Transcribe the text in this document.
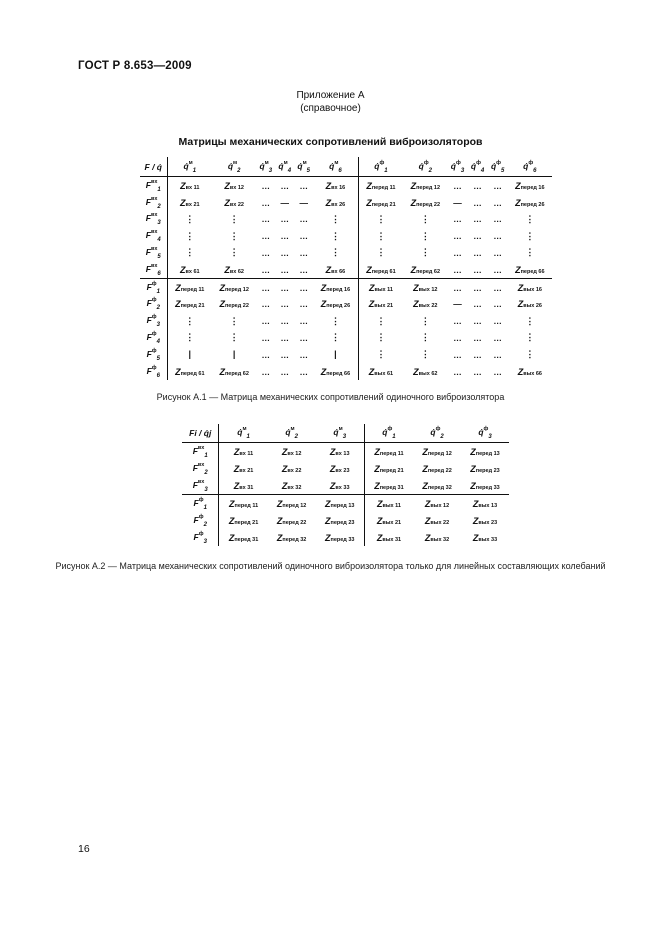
ГОСТ Р 8.653—2009
Приложение А
(справочное)
Матрицы механических сопротивлений виброизоляторов
F / q̇	q̇$^м_1$	q̇$^м_2$	q̇$^м_3$	q̇$^м_4$	q̇$^м_5$	q̇$^м_6$	q̇$^ф_1$	q̇$^ф_2$	q̇$^ф_3$	q̇$^ф_4$	q̇$^ф_5$	q̇$^ф_6$
$F^{вх}_1$	Zвх 11	Zвх 12	…	…	…	Zвх 16	Zперед 11	Zперед 12	…	…	…	Zперед 16
$F^{вх}_2$	Zвх 21	Zвх 22	…	—	—	Zвх 26	Zперед 21	Zперед 22	—	…	…	Zперед 26
$F^{вх}_3$	⋮	⋮	…	…	…	⋮	⋮	⋮	…	…	…	⋮
$F^{вх}_4$	⋮	⋮	…	…	…	⋮	⋮	⋮	…	…	…	⋮
$F^{вх}_5$	⋮	⋮	…	…	…	⋮	⋮	⋮	…	…	…	⋮
$F^{вх}_6$	Zвх 61	Zвх 62	…	…	…	Zвх 66	Zперед 61	Zперед 62	…	…	…	Zперед 66
$F^ф_1$	Zперед 11	Zперед 12	…	…	…	Zперед 16	Zвых 11	Zвых 12	…	…	…	Zвых 16
$F^ф_2$	Zперед 21	Zперед 22	…	…	…	Zперед 26	Zвых 21	Zвых 22	—	…	…	Zвых 26
$F^ф_3$	⋮	⋮	…	…	…	⋮	⋮	⋮	…	…	…	⋮
$F^ф_4$	⋮	⋮	…	…	…	⋮	⋮	⋮	…	…	…	⋮
$F^ф_5$	|	|	…	…	…	|	⋮	⋮	…	…	…	⋮
$F^ф_6$	Zперед 61	Zперед 62	…	…	…	Zперед 66	Zвых 61	Zвых 62	…	…	…	Zвых 66
Рисунок А.1 — Матрица механических сопротивлений одиночного виброизолятора
Fi / q̇j	q̇$^м_1$	q̇$^м_2$	q̇$^м_3$	q̇$^ф_1$	q̇$^ф_2$	q̇$^ф_3$
$F^{вх}_1$	Zвх 11	Zвх 12	Zвх 13	Zперед 11	Zперед 12	Zперед 13
$F^{вх}_2$	Zвх 21	Zвх 22	Zвх 23	Zперед 21	Zперед 22	Zперед 23
$F^{вх}_3$	Zвх 31	Zвх 32	Zвх 33	Zперед 31	Zперед 32	Zперед 33
$F^ф_1$	Zперед 11	Zперед 12	Zперед 13	Zвых 11	Zвых 12	Zвых 13
$F^ф_2$	Zперед 21	Zперед 22	Zперед 23	Zвых 21	Zвых 22	Zвых 23
$F^ф_3$	Zперед 31	Zперед 32	Zперед 33	Zвых 31	Zвых 32	Zвых 33
Рисунок А.2 — Матрица механических сопротивлений одиночного виброизолятора только для линейных составляющих колебаний
16
